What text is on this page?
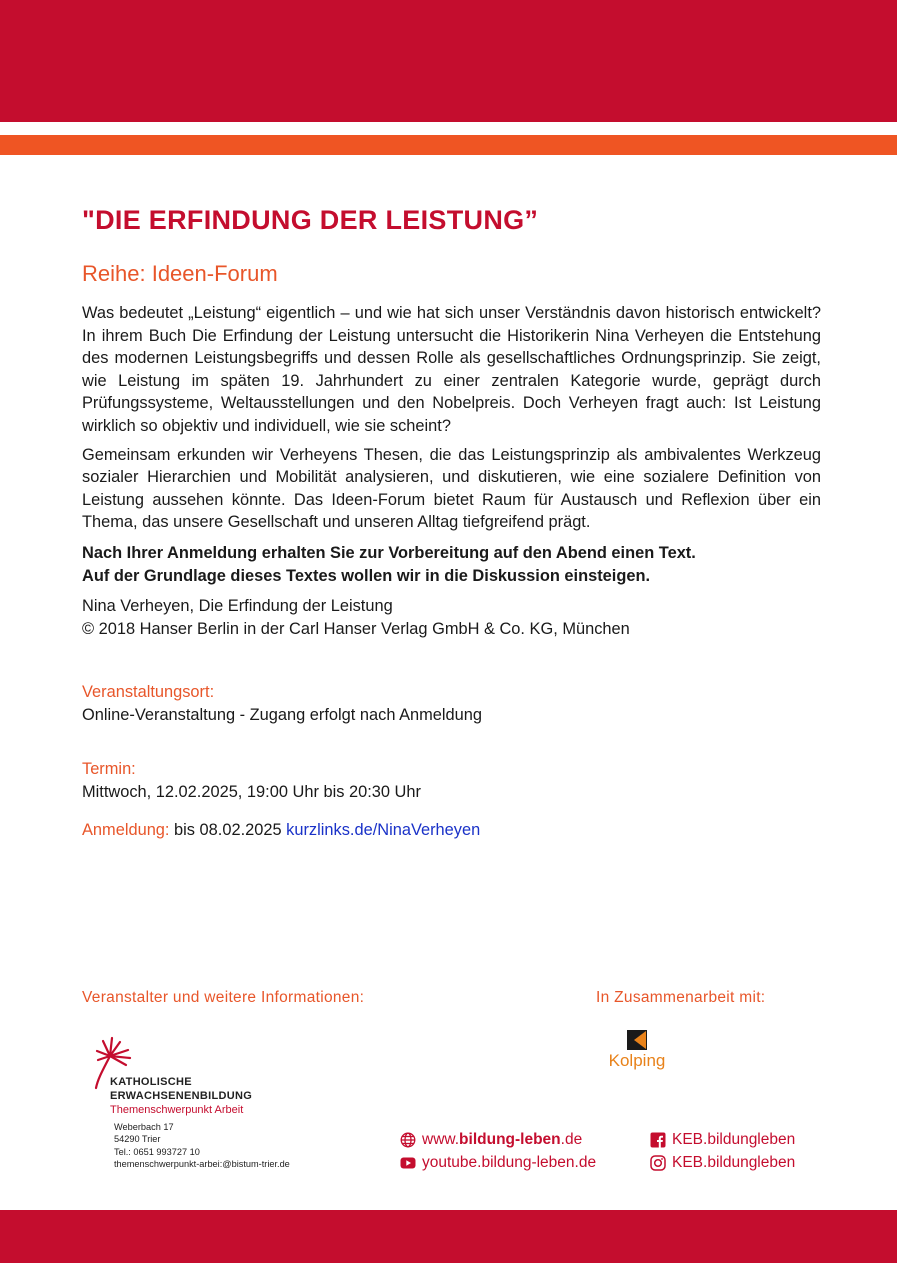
"DIE ERFINDUNG DER LEISTUNG”
Reihe: Ideen-Forum

Was bedeutet „Leistung“ eigentlich – und wie hat sich unser Verständnis davon historisch entwickelt? In ihrem Buch Die Erfindung der Leistung untersucht die Historikerin Nina Verheyen die Entstehung des modernen Leistungsbegriffs und dessen Rolle als gesellschaftliches Ordnungsprinzip. Sie zeigt, wie Leistung im späten 19. Jahrhundert zu einer zentralen Kategorie wurde, geprägt durch Prüfungssysteme, Weltausstellungen und den Nobelpreis. Doch Verheyen fragt auch: Ist Leistung wirklich so objektiv und individuell, wie sie scheint?

Gemeinsam erkunden wir Verheyens Thesen, die das Leistungsprinzip als ambivalentes Werkzeug sozialer Hierarchien und Mobilität analysieren, und diskutieren, wie eine sozialere Definition von Leistung aussehen könnte. Das Ideen-Forum bietet Raum für Austausch und Reflexion über ein Thema, das unsere Gesellschaft und unseren Alltag tiefgreifend prägt.

Nach Ihrer Anmeldung erhalten Sie zur Vorbereitung auf den Abend einen Text.
Auf der Grundlage dieses Textes wollen wir in die Diskussion einsteigen.

Nina Verheyen, Die Erfindung der Leistung
© 2018 Hanser Berlin in der Carl Hanser Verlag GmbH & Co. KG, München

Veranstaltungsort:
Online-Veranstaltung - Zugang erfolgt nach Anmeldung
Termin:
Mittwoch, 12.02.2025, 19:00 Uhr bis 20:30 Uhr
Anmeldung: bis 08.02.2025 kurzlinks.de/NinaVerheyen
Veranstalter und weitere Informationen:	In Zusammenarbeit mit:
KATHOLISCHE
ERWACHSENENBILDUNG
Themenschwerpunkt Arbeit
Weberbach 17
54290 Trier
Tel.: 0651 993727 10
themenschwerpunkt-arbei:@bistum-trier.de
Kolping
www.bildung-leben.de
youtube.bildung-leben.de
KEB.bildungleben
KEB.bildungleben
